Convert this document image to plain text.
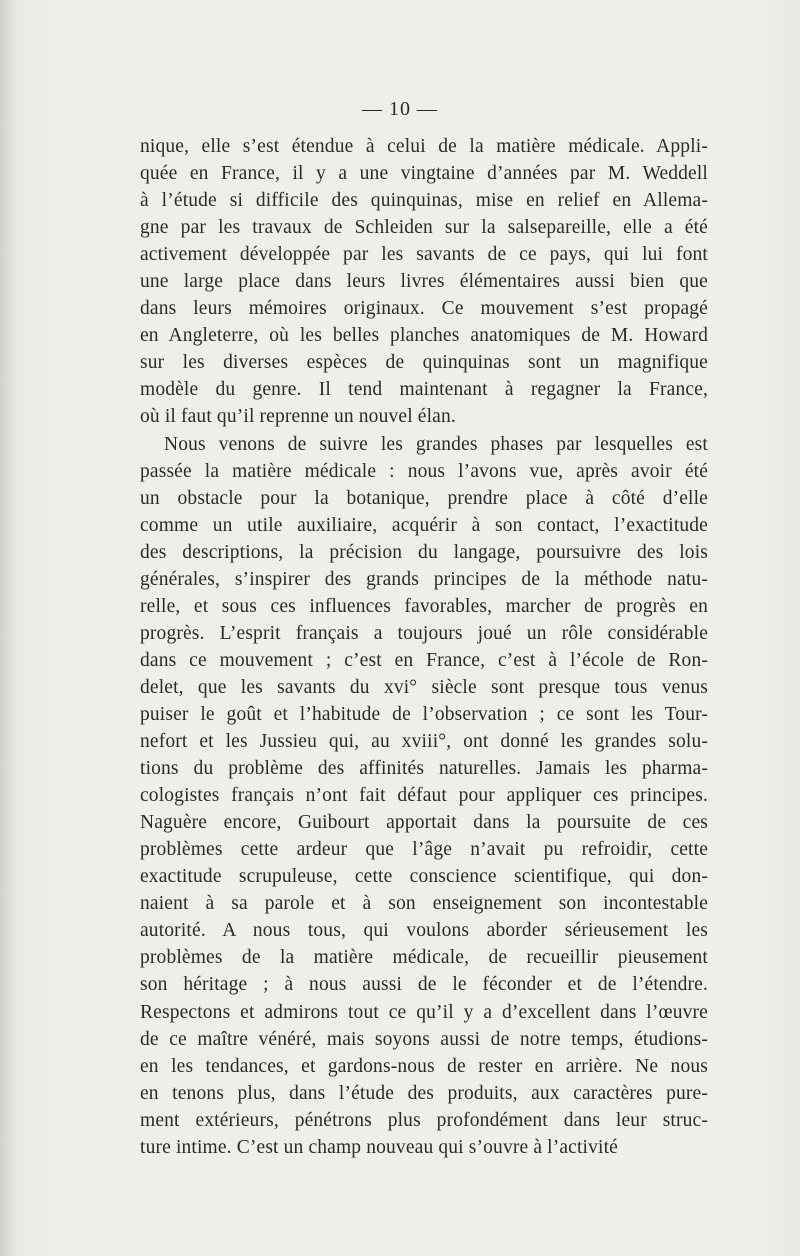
— 10 —
nique, elle s’est étendue à celui de la matière médicale. Appli-
quée en France, il y a une vingtaine d’années par M. Weddell
à l’étude si difficile des quinquinas, mise en relief en Allema-
gne par les travaux de Schleiden sur la salsepareille, elle a été
activement développée par les savants de ce pays, qui lui font
une large place dans leurs livres élémentaires aussi bien que
dans leurs mémoires originaux. Ce mouvement s’est propagé
en Angleterre, où les belles planches anatomiques de M. Howard
sur les diverses espèces de quinquinas sont un magnifique
modèle du genre. Il tend maintenant à regagner la France,
où il faut qu’il reprenne un nouvel élan.
Nous venons de suivre les grandes phases par lesquelles est
passée la matière médicale : nous l’avons vue, après avoir été
un obstacle pour la botanique, prendre place à côté d’elle
comme un utile auxiliaire, acquérir à son contact, l’exactitude
des descriptions, la précision du langage, poursuivre des lois
générales, s’inspirer des grands principes de la méthode natu-
relle, et sous ces influences favorables, marcher de progrès en
progrès. L’esprit français a toujours joué un rôle considérable
dans ce mouvement ; c’est en France, c’est à l’école de Ron-
delet, que les savants du xvi° siècle sont presque tous venus
puiser le goût et l’habitude de l’observation ; ce sont les Tour-
nefort et les Jussieu qui, au xviii°, ont donné les grandes solu-
tions du problème des affinités naturelles. Jamais les pharma-
cologistes français n’ont fait défaut pour appliquer ces principes.
Naguère encore, Guibourt apportait dans la poursuite de ces
problèmes cette ardeur que l’âge n’avait pu refroidir, cette
exactitude scrupuleuse, cette conscience scientifique, qui don-
naient à sa parole et à son enseignement son incontestable
autorité. A nous tous, qui voulons aborder sérieusement les
problèmes de la matière médicale, de recueillir pieusement
son héritage ; à nous aussi de le féconder et de l’étendre.
Respectons et admirons tout ce qu’il y a d’excellent dans l’œuvre
de ce maître vénéré, mais soyons aussi de notre temps, étudions-
en les tendances, et gardons-nous de rester en arrière. Ne nous
en tenons plus, dans l’étude des produits, aux caractères pure-
ment extérieurs, pénétrons plus profondément dans leur struc-
ture intime. C’est un champ nouveau qui s’ouvre à l’activité
